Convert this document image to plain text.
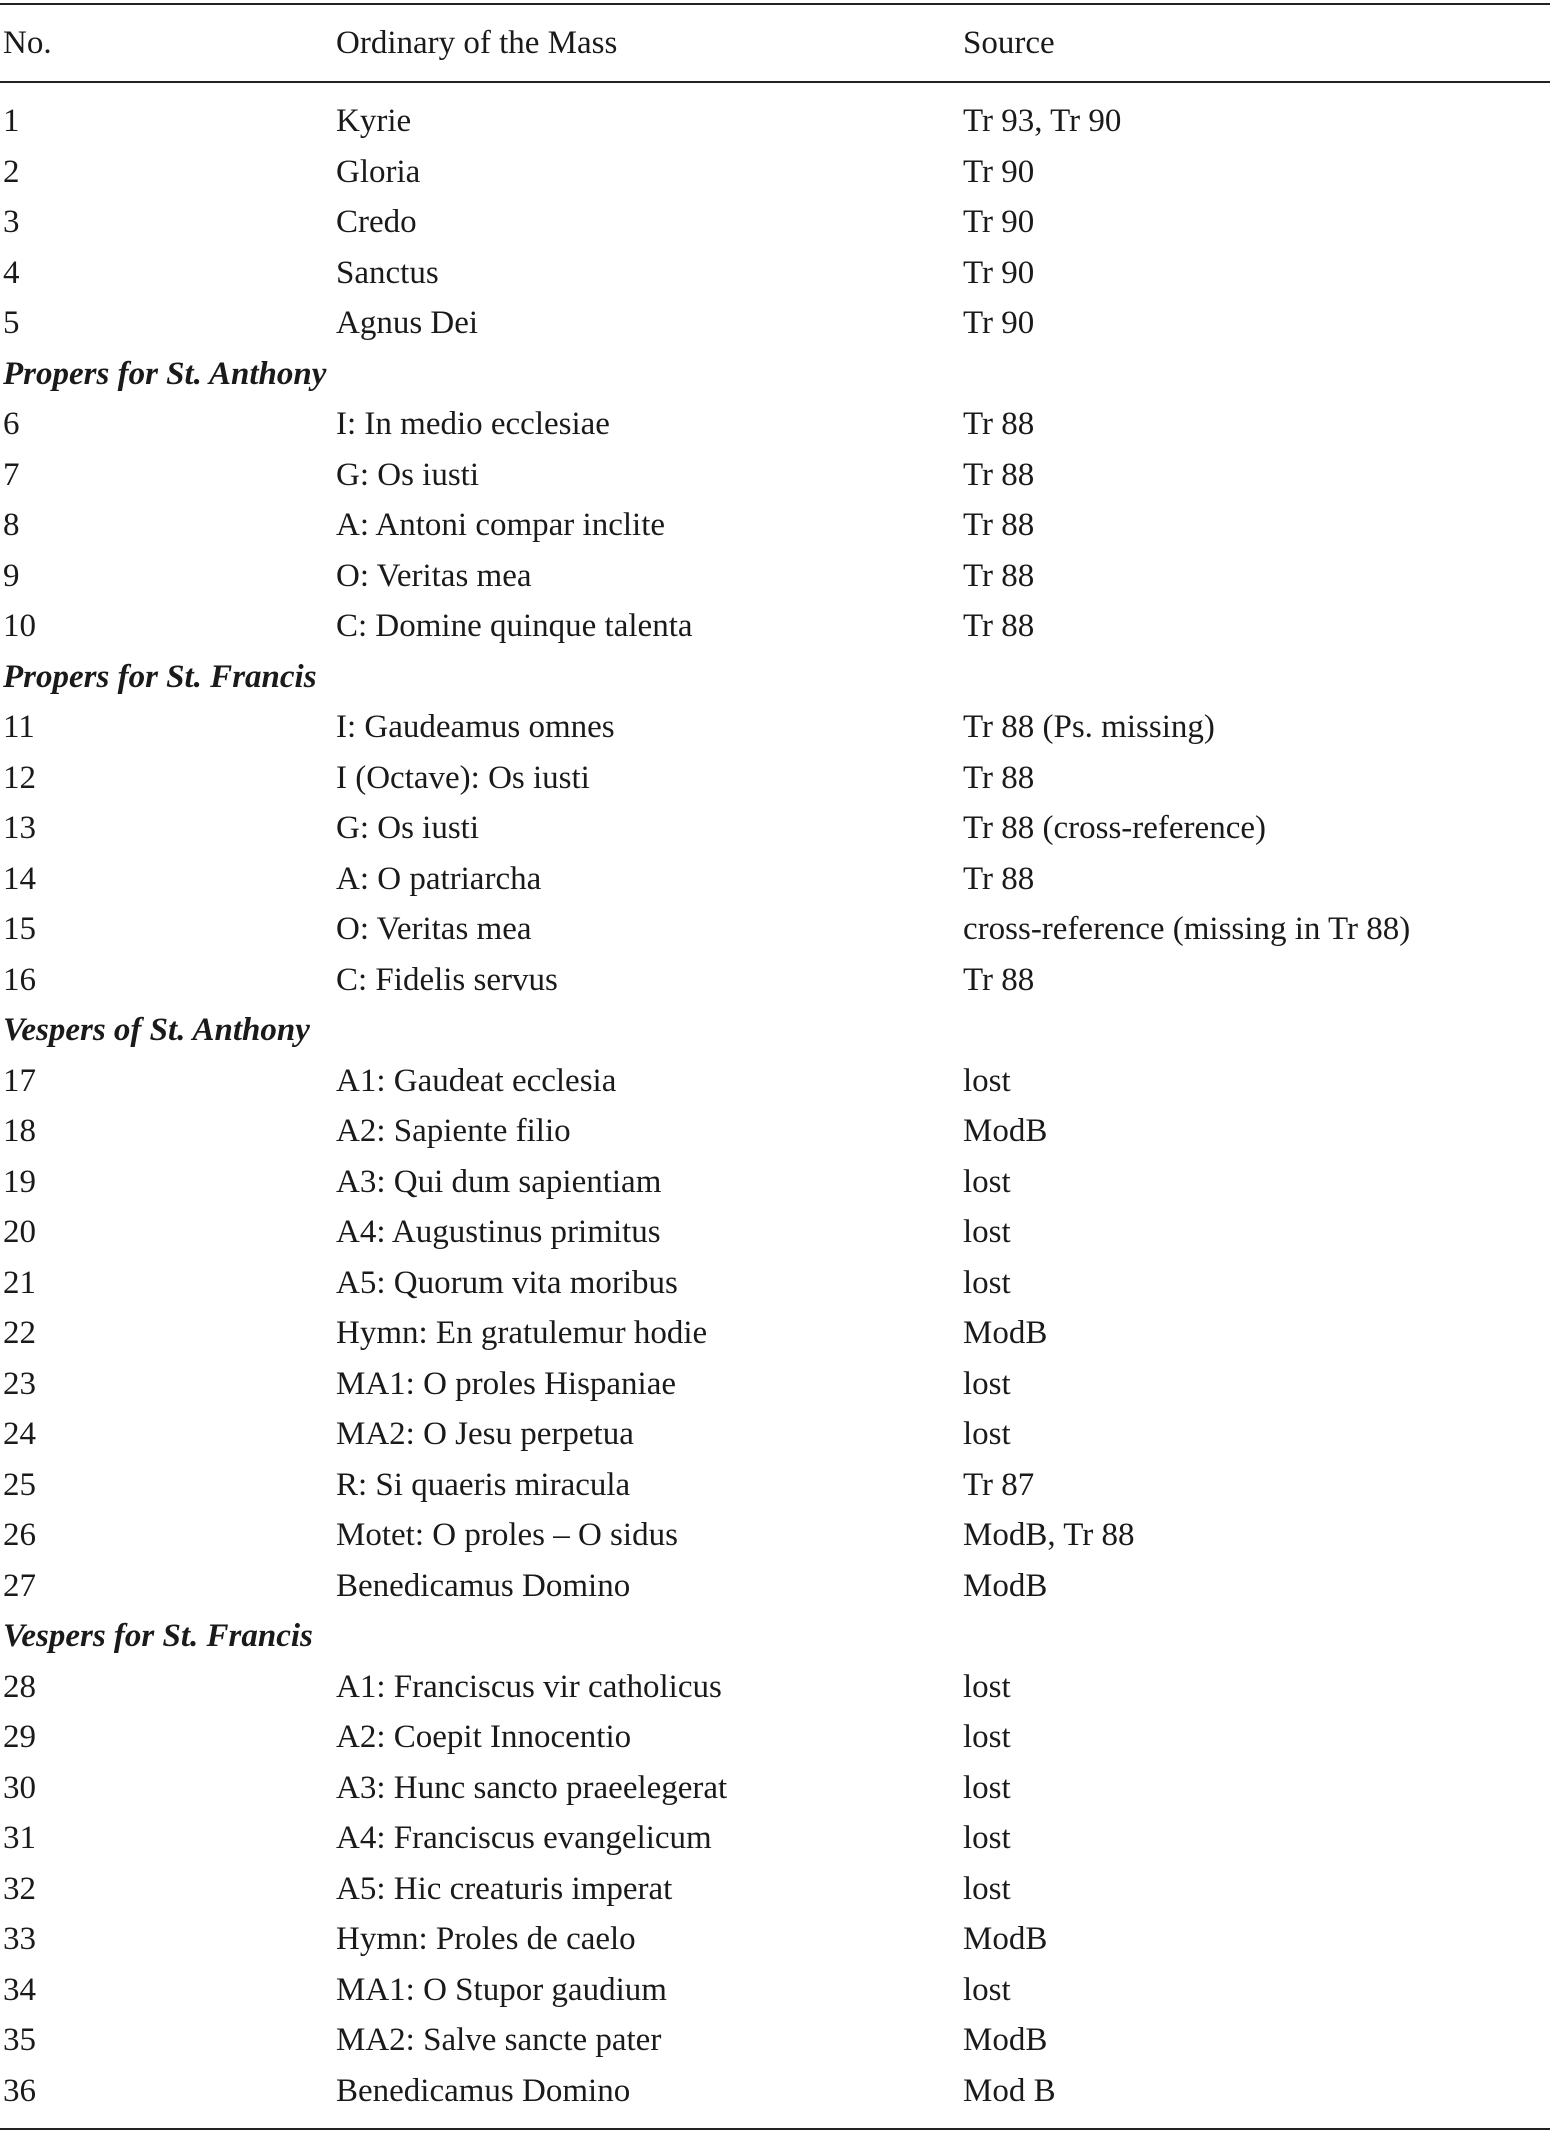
No.	Ordinary of the Mass	Source
1	Kyrie	Tr 93, Tr 90
2	Gloria	Tr 90
3	Credo	Tr 90
4	Sanctus	Tr 90
5	Agnus Dei	Tr 90
Propers for St. Anthony
6	I: In medio ecclesiae	Tr 88
7	G: Os iusti	Tr 88
8	A: Antoni compar inclite	Tr 88
9	O: Veritas mea	Tr 88
10	C: Domine quinque talenta	Tr 88
Propers for St. Francis
11	I: Gaudeamus omnes	Tr 88 (Ps. missing)
12	I (Octave): Os iusti	Tr 88
13	G: Os iusti	Tr 88 (cross-reference)
14	A: O patriarcha	Tr 88
15	O: Veritas mea	cross-reference (missing in Tr 88)
16	C: Fidelis servus	Tr 88
Vespers of St. Anthony
17	A1: Gaudeat ecclesia	lost
18	A2: Sapiente filio	ModB
19	A3: Qui dum sapientiam	lost
20	A4: Augustinus primitus	lost
21	A5: Quorum vita moribus	lost
22	Hymn: En gratulemur hodie	ModB
23	MA1: O proles Hispaniae	lost
24	MA2: O Jesu perpetua	lost
25	R: Si quaeris miracula	Tr 87
26	Motet: O proles – O sidus	ModB, Tr 88
27	Benedicamus Domino	ModB
Vespers for St. Francis
28	A1: Franciscus vir catholicus	lost
29	A2: Coepit Innocentio	lost
30	A3: Hunc sancto praeelegerat	lost
31	A4: Franciscus evangelicum	lost
32	A5: Hic creaturis imperat	lost
33	Hymn: Proles de caelo	ModB
34	MA1: O Stupor gaudium	lost
35	MA2: Salve sancte pater	ModB
36	Benedicamus Domino	Mod B
